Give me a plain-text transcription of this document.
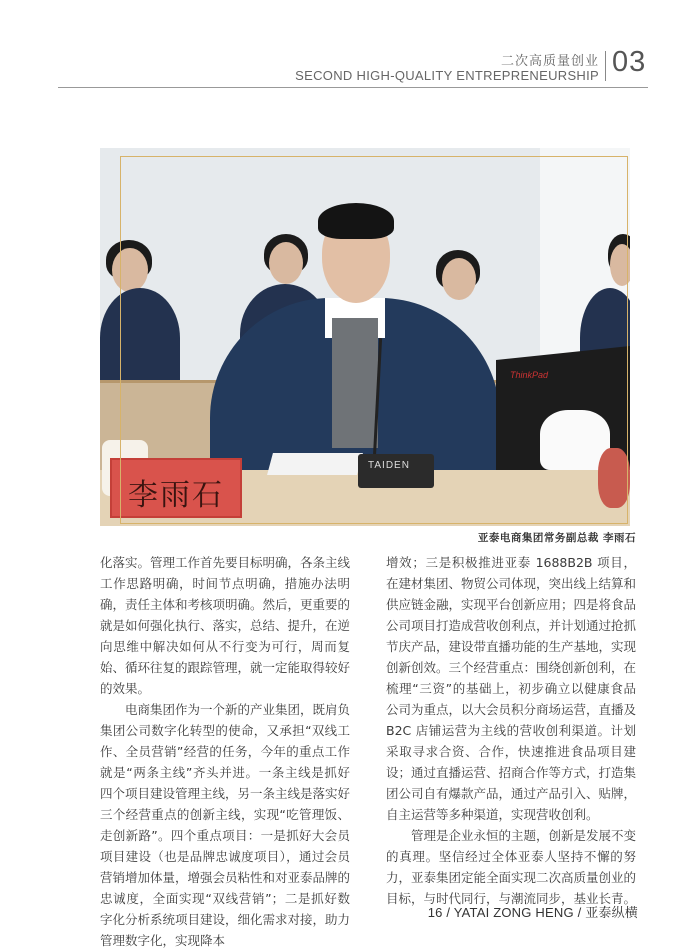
二次高质量创业
SECOND HIGH-QUALITY ENTREPRENEURSHIP 03
ThinkPad
TAIDEN
李雨石
亚泰电商集团常务副总裁 李雨石

化落实。管理工作首先要目标明确，各条主线工作思路明确，时间节点明确，措施办法明确，责任主体和考核项明确。然后，更重要的就是如何强化执行、落实，总结、提升，在逆向思维中解决如何从不行变为可行，周而复始、循环往复的跟踪管理，就一定能取得较好的效果。

电商集团作为一个新的产业集团，既肩负集团公司数字化转型的使命，又承担“双线工作、全员营销”经营的任务，今年的重点工作就是“两条主线”齐头并进。一条主线是抓好四个项目建设管理主线，另一条主线是落实好三个经营重点的创新主线，实现“吃管理饭、走创新路”。四个重点项目：一是抓好大会员项目建设（也是品牌忠诚度项目），通过会员营销增加体量，增强会员粘性和对亚泰品牌的忠诚度，全面实现“双线营销”；二是抓好数字化分析系统项目建设，细化需求对接，助力管理数字化，实现降本

增效；三是积极推进亚泰 1688B2B 项目，在建材集团、物贸公司体现，突出线上结算和供应链金融，实现平台创新应用；四是将食品公司项目打造成营收创利点，并计划通过抢抓节庆产品，建设带直播功能的生产基地，实现创新创效。三个经营重点：围绕创新创利，在梳理“三资”的基础上，初步确立以健康食品公司为重点，以大会员积分商场运营，直播及 B2C 店铺运营为主线的营收创利渠道。计划采取寻求合资、合作，快速推进食品项目建设；通过直播运营、招商合作等方式，打造集团公司自有爆款产品，通过产品引入、贴牌，自主运营等多种渠道，实现营收创利。

管理是企业永恒的主题，创新是发展不变的真理。坚信经过全体亚泰人坚持不懈的努力，亚泰集团定能全面实现二次高质量创业的目标，与时代同行，与潮流同步，基业长青。

16 / YATAI ZONG HENG / 亚泰纵横
